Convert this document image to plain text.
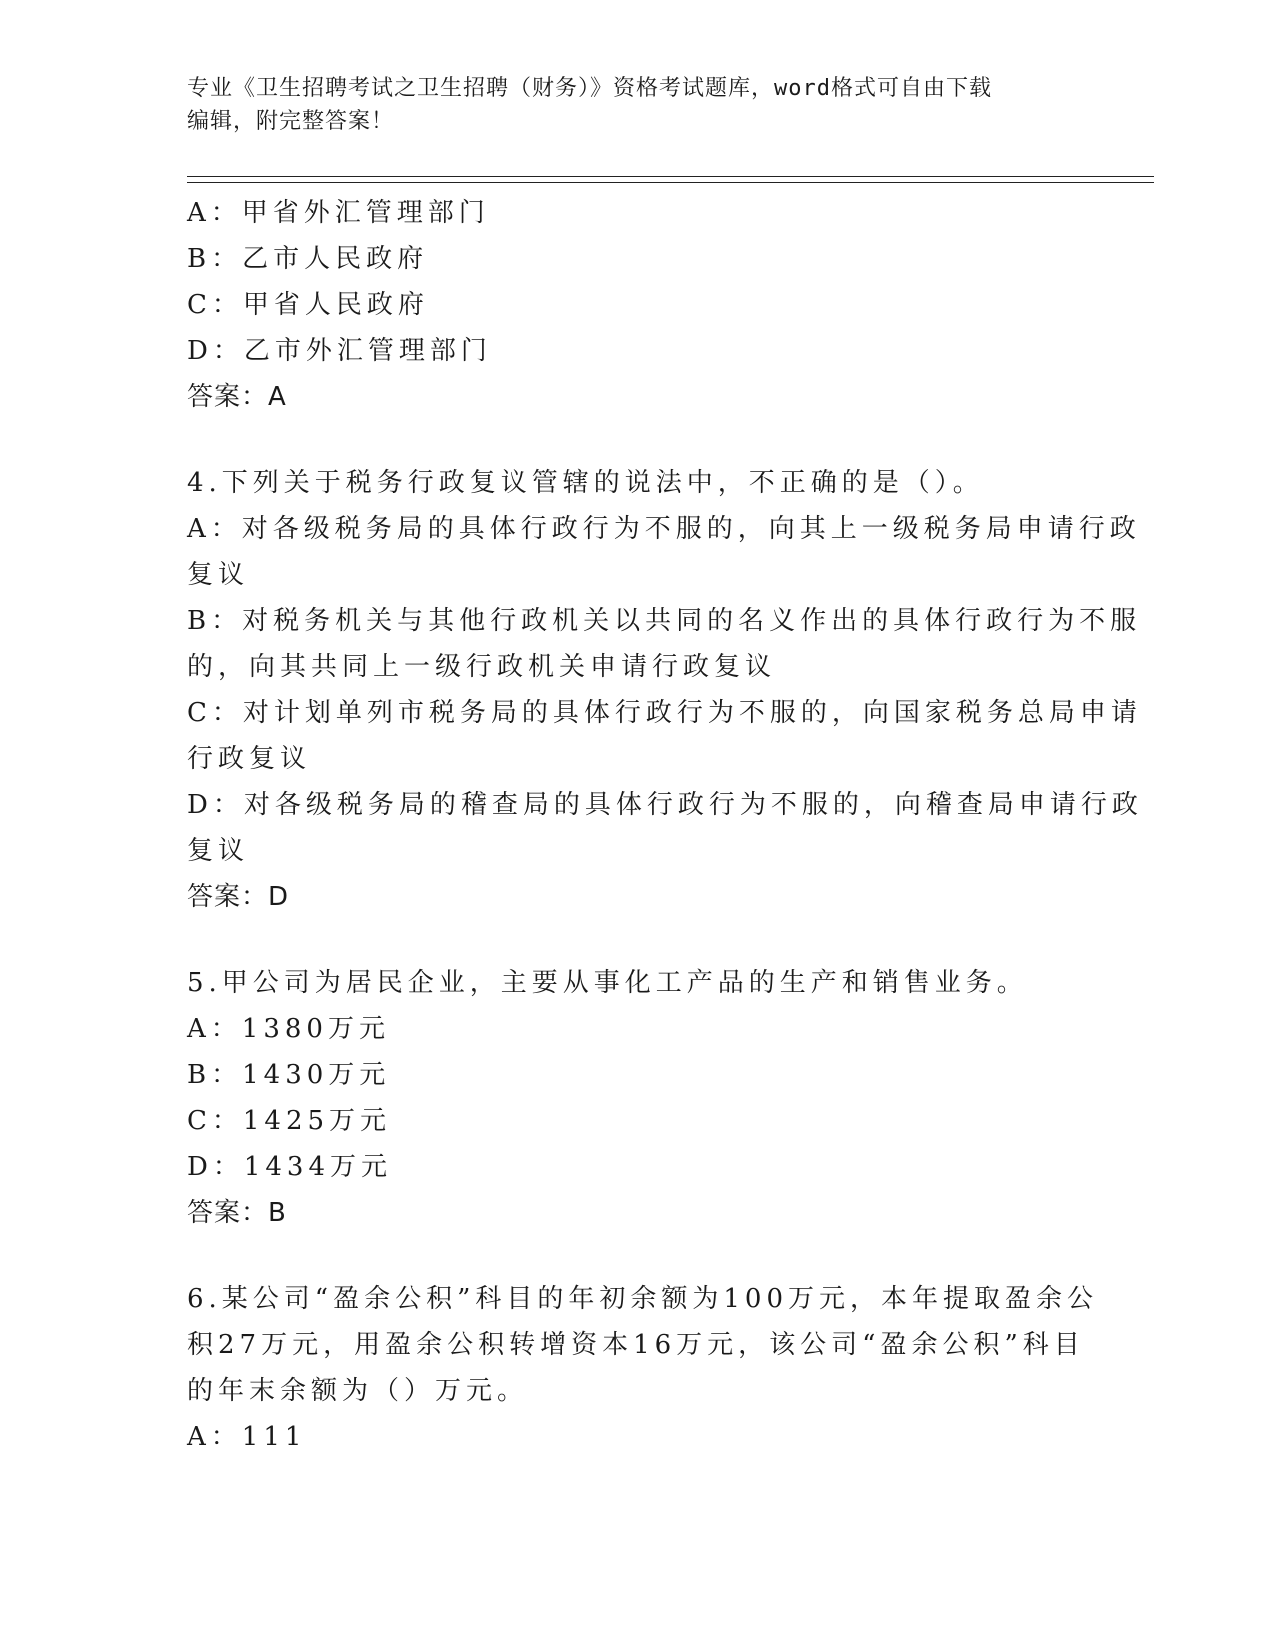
专业《卫生招聘考试之卫生招聘（财务）》资格考试题库，word格式可自由下载
编辑，附完整答案！
A：甲省外汇管理部门
B：乙市人民政府
C：甲省人民政府
D：乙市外汇管理部门
答案：A
4.下列关于税务行政复议管辖的说法中，不正确的是（）。
A：对各级税务局的具体行政行为不服的，向其上一级税务局申请行政
复议
B：对税务机关与其他行政机关以共同的名义作出的具体行政行为不服
的，向其共同上一级行政机关申请行政复议
C：对计划单列市税务局的具体行政行为不服的，向国家税务总局申请
行政复议
D：对各级税务局的稽查局的具体行政行为不服的，向稽查局申请行政
复议
答案：D
5.甲公司为居民企业，主要从事化工产品的生产和销售业务。
A：1380万元
B：1430万元
C：1425万元
D：1434万元
答案：B
6.某公司“盈余公积”科目的年初余额为100万元，本年提取盈余公
积27万元，用盈余公积转增资本16万元，该公司“盈余公积”科目
的年末余额为（）万元。
A：111
